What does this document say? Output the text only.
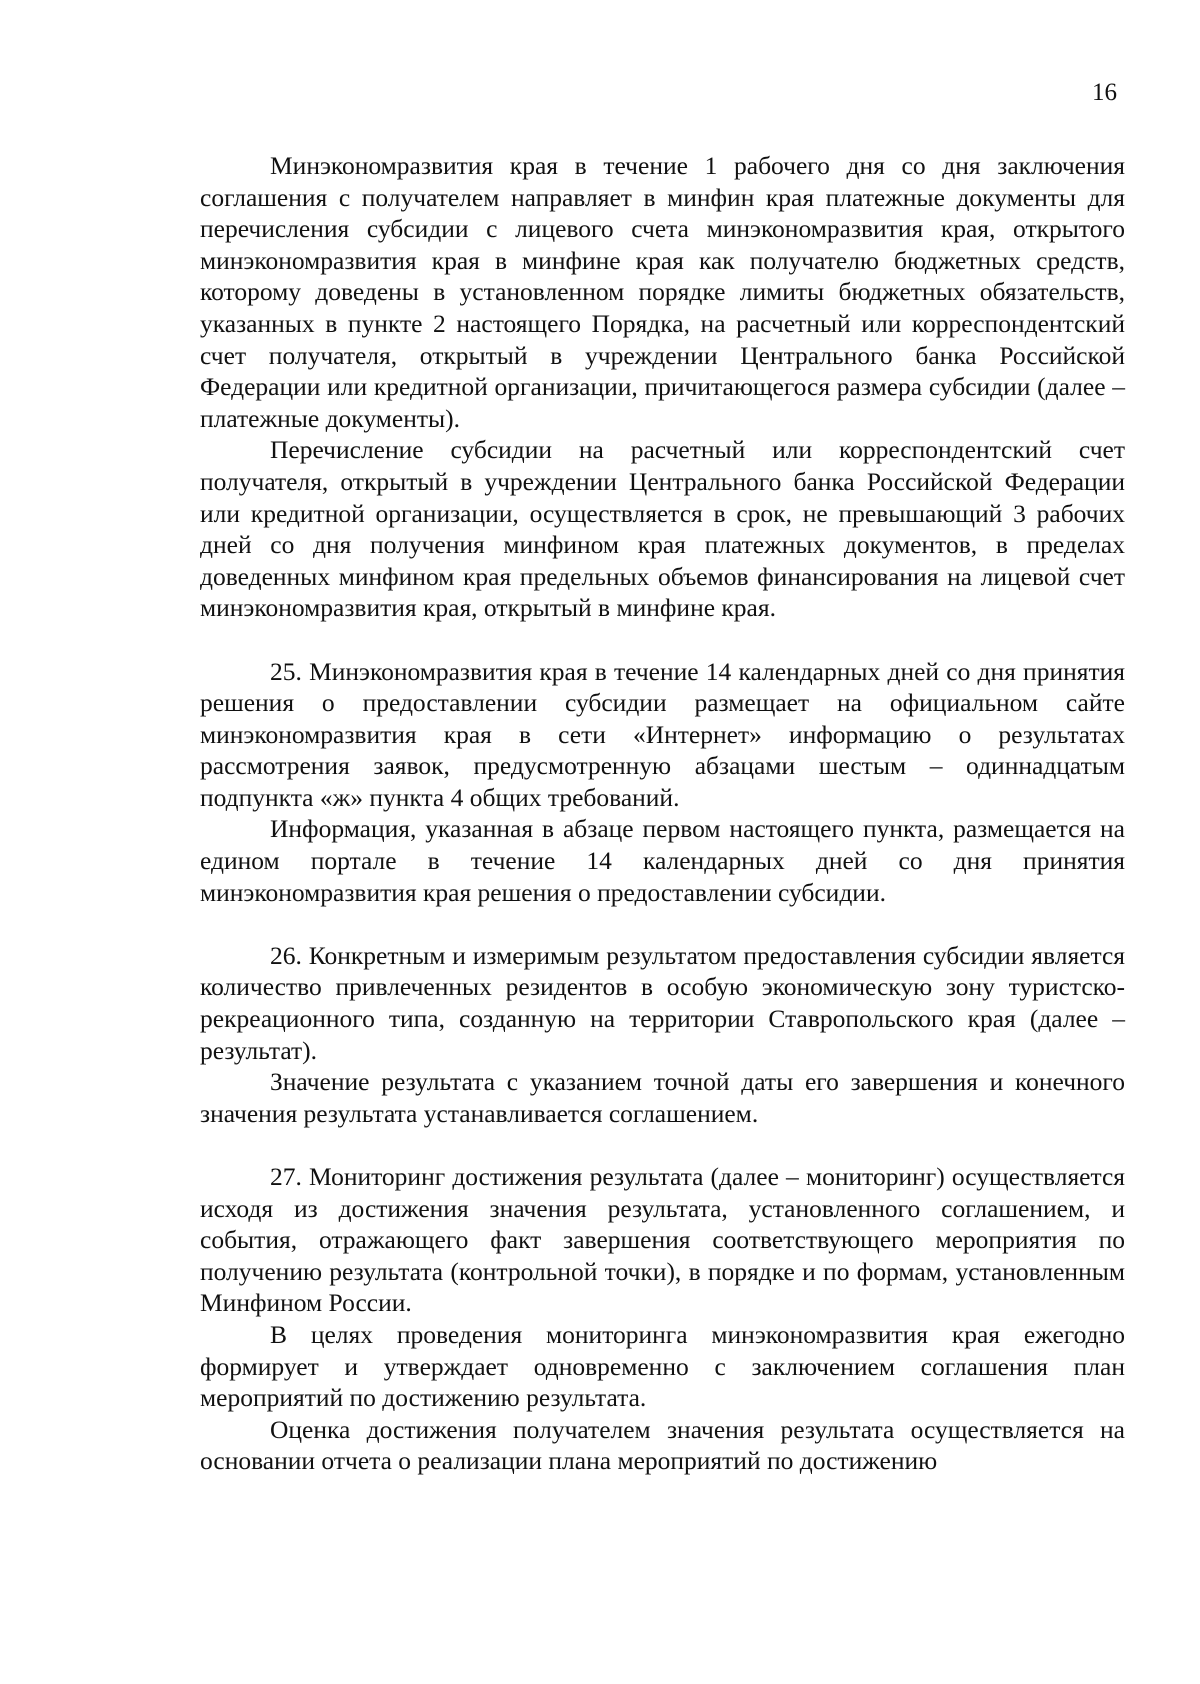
16

Минэкономразвития края в течение 1 рабочего дня со дня заключения соглашения с получателем направляет в минфин края платежные документы для перечисления субсидии с лицевого счета минэкономразвития края, открытого минэкономразвития края в минфине края как получателю бюджетных средств, которому доведены в установленном порядке лимиты бюджетных обязательств, указанных в пункте 2 настоящего Порядка, на расчетный или корреспондентский счет получателя, открытый в учреждении Центрального банка Российской Федерации или кредитной организации, причитающегося размера субсидии (далее – платежные документы).

Перечисление субсидии на расчетный или корреспондентский счет получателя, открытый в учреждении Центрального банка Российской Федерации или кредитной организации, осуществляется в срок, не превышающий 3 рабочих дней со дня получения минфином края платежных документов, в пределах доведенных минфином края предельных объемов финансирования на лицевой счет минэкономразвития края, открытый в минфине края.

25. Минэкономразвития края в течение 14 календарных дней со дня принятия решения о предоставлении субсидии размещает на официальном сайте минэкономразвития края в сети «Интернет» информацию о результатах рассмотрения заявок, предусмотренную абзацами шестым – одиннадцатым подпункта «ж» пункта 4 общих требований.

Информация, указанная в абзаце первом настоящего пункта, размещается на едином портале в течение 14 календарных дней со дня принятия минэкономразвития края решения о предоставлении субсидии.

26. Конкретным и измеримым результатом предоставления субсидии является количество привлеченных резидентов в особую экономическую зону туристско-рекреационного типа, созданную на территории Ставропольского края (далее – результат).

Значение результата с указанием точной даты его завершения и конечного значения результата устанавливается соглашением.

27. Мониторинг достижения результата (далее – мониторинг) осуществляется исходя из достижения значения результата, установленного соглашением, и события, отражающего факт завершения соответствующего мероприятия по получению результата (контрольной точки), в порядке и по формам, установленным Минфином России.

В целях проведения мониторинга минэкономразвития края ежегодно формирует и утверждает одновременно с заключением соглашения план мероприятий по достижению результата.

Оценка достижения получателем значения результата осуществляется на основании отчета о реализации плана мероприятий по достижению
